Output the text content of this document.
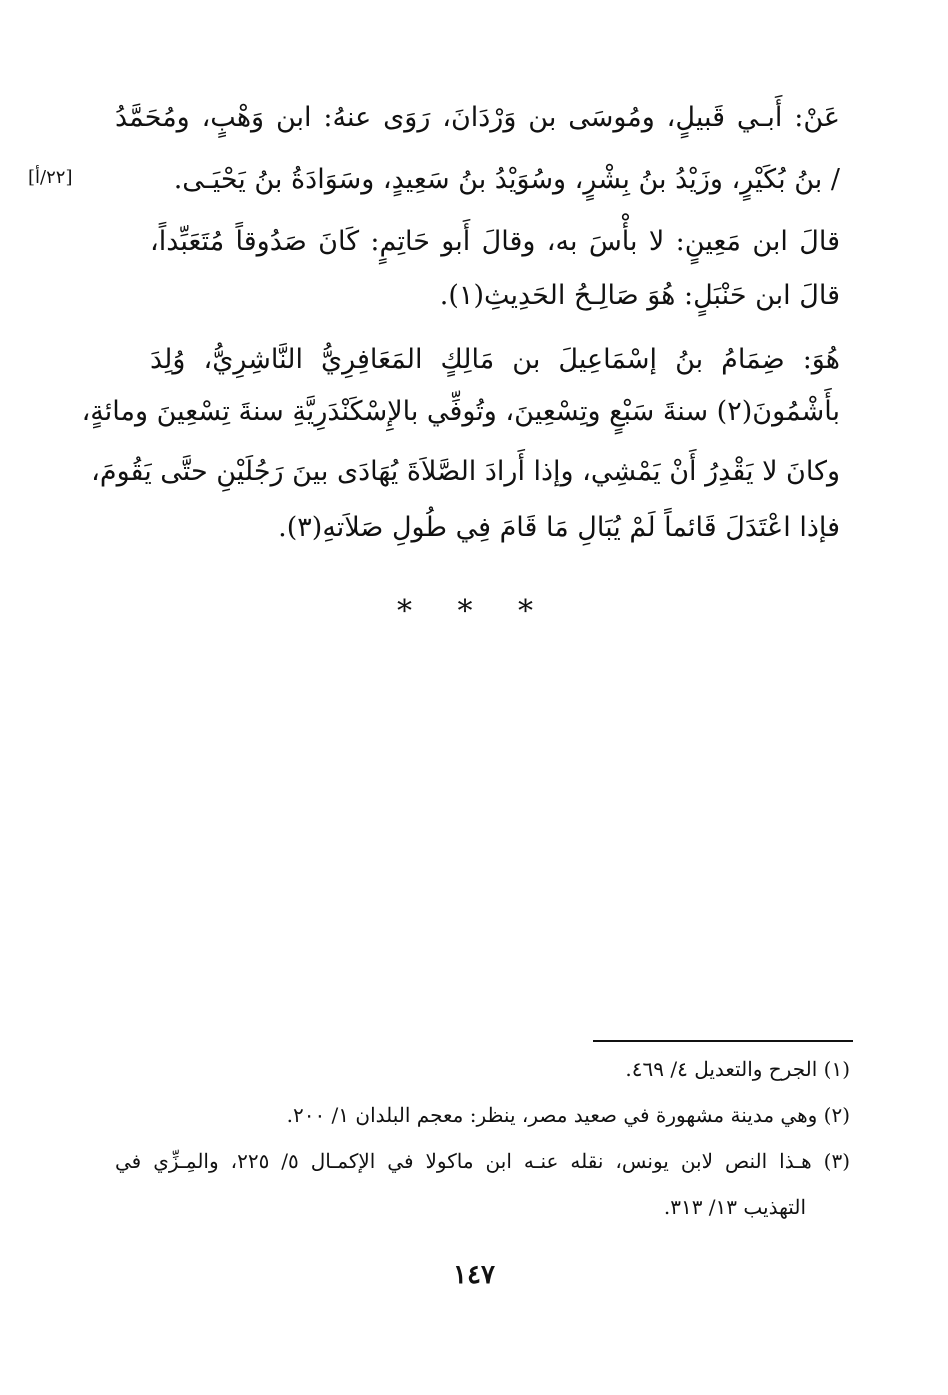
عَنْ: أَبـي قَبيلٍ، ومُوسَى بن وَرْدَانَ، رَوَى عنهُ: ابن وَهْبٍ، ومُحَمَّدُ
/ بنُ بُكَيْرٍ، وزَيْدُ بنُ بِشْرٍ، وسُوَيْدُ بنُ سَعِيدٍ، وسَوَادَةُ بنُ يَحْيَـى.
[٢٢/أ]
قالَ ابن مَعِينٍ: لا بأْسَ به، وقالَ أَبو حَاتِمٍ: كَانَ صَدُوقاً مُتَعَبِّداً،
قالَ ابن حَنْبَلٍ: هُوَ صَالِـحُ الحَدِيثِ(١).
هُوَ: ضِمَامُ بنُ إسْمَاعِيلَ بن مَالِكٍ المَعَافِرِيُّ النَّاشِرِيُّ، وُلِدَ
بأَشْمُونَ(٢) سنةَ سَبْعٍ وتِسْعِينَ، وتُوفِّي بالإِسْكَنْدَرِيَّةِ سنةَ تِسْعِينَ ومائةٍ،
وكانَ لا يَقْدِرُ أَنْ يَمْشِي، وإذا أَرادَ الصَّلاَةَ يُهَادَى بينَ رَجُلَيْنِ حتَّى يَقُومَ،
فإذا اعْتَدَلَ قَائماً لَمْ يُبَالِ مَا قَامَ فِي طُولِ صَلاَتهِ(٣).
* * *
(١) الجرح والتعديل ٤/ ٤٦٩.
(٢) وهي مدينة مشهورة في صعيد مصر، ينظر: معجم البلدان ١/ ٢٠٠.
(٣) هـذا النص لابن يونس، نقله عنـه ابن ماكولا في الإكمـال ٥/ ٢٢٥، والمِـزِّي في
التهذيب ١٣/ ٣١٣.
١٤٧
